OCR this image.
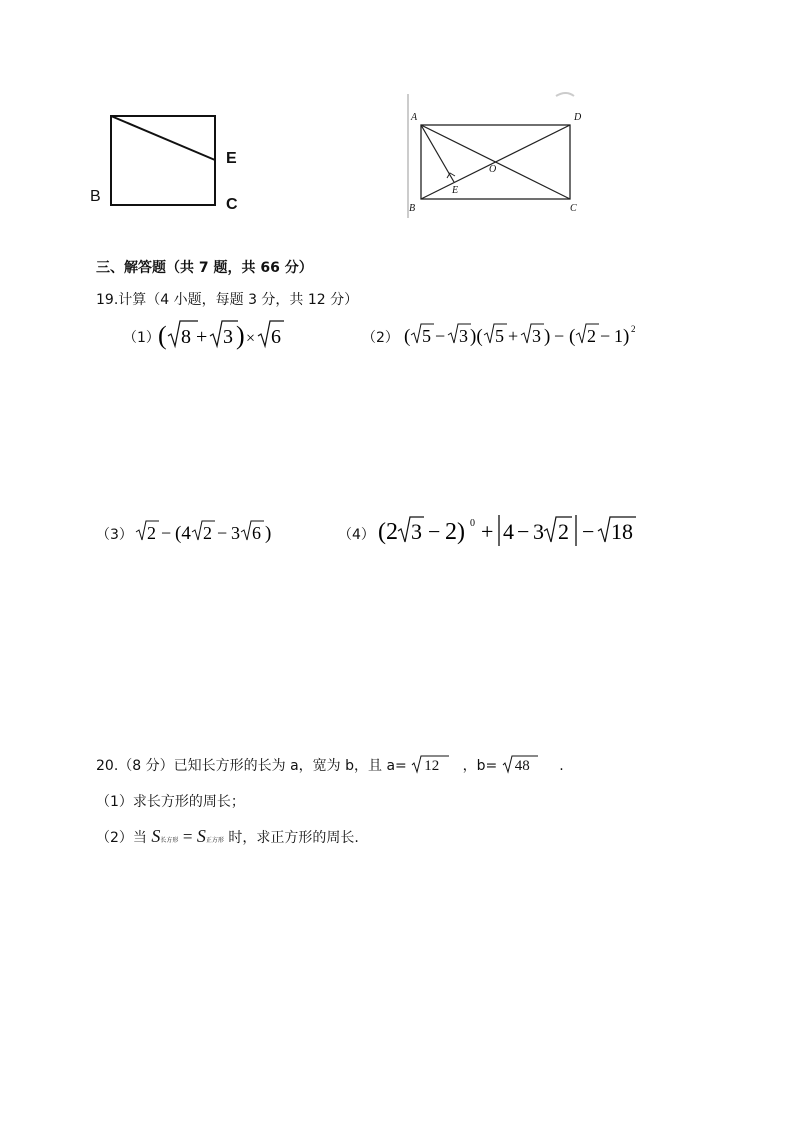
E
B	C
A	D
B	C
O
E
三、解答题（共 7 题，共 66 分）
19.计算（4 小题，每题 3 分，共 12 分）
（1）
( 8 + 3 ) × 6	（2） ( 5 − 3 )( 5 + 3 ) − ( 2 − 1 ) 2
（3） 2 − (4 2 − 3 6 )	（4） (2 3 − 2) 0 + 4 − 3 2 − 18
20.（8 分）已知长方形的长为 a，宽为 b，且 a= 12 ，b= 48 .
（1）求长方形的周长；
（2）当 S长方形 = S正方形 时，求正方形的周长.
